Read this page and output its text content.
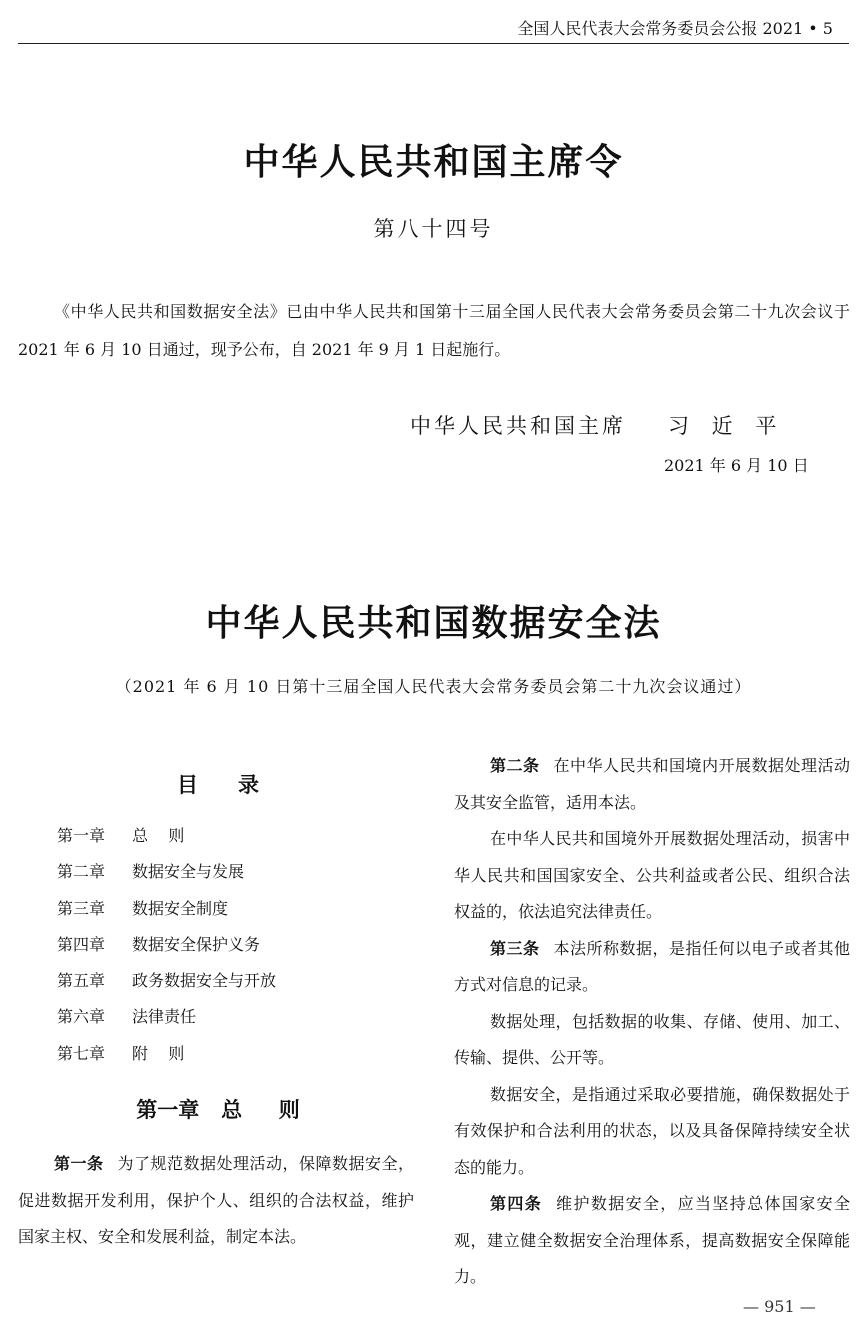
全国人民代表大会常务委员会公报 2021 • 5
中华人民共和国主席令
第八十四号
《中华人民共和国数据安全法》已由中华人民共和国第十三届全国人民代表大会常务委员会第二十九次会议于 2021 年 6 月 10 日通过，现予公布，自 2021 年 9 月 1 日起施行。
中华人民共和国主席 习 近 平
2021 年 6 月 10 日
中华人民共和国数据安全法
（2021 年 6 月 10 日第十三届全国人民代表大会常务委员会第二十九次会议通过）
目录
第一章 总    则
第二章 数据安全与发展
第三章 数据安全制度
第四章 数据安全保护义务
第五章 政务数据安全与开放
第六章 法律责任
第七章 附    则
第一章   总     则

第一条 为了规范数据处理活动，保障数据安全，促进数据开发利用，保护个人、组织的合法权益，维护国家主权、安全和发展利益，制定本法。

第二条 在中华人民共和国境内开展数据处理活动及其安全监管，适用本法。

在中华人民共和国境外开展数据处理活动，损害中华人民共和国国家安全、公共利益或者公民、组织合法权益的，依法追究法律责任。

第三条 本法所称数据，是指任何以电子或者其他方式对信息的记录。

数据处理，包括数据的收集、存储、使用、加工、传输、提供、公开等。

数据安全，是指通过采取必要措施，确保数据处于有效保护和合法利用的状态，以及具备保障持续安全状态的能力。

第四条 维护数据安全，应当坚持总体国家安全观，建立健全数据安全治理体系，提高数据安全保障能力。

— 951 —
